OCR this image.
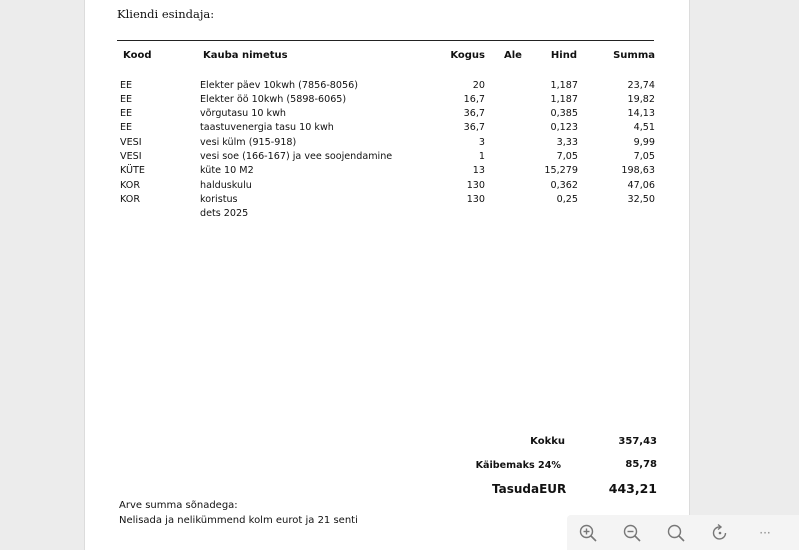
Kliendi esindaja:
Kood	Kauba nimetus	Kogus Ale	Hind	Summa
EE	Elekter päev 10kwh (7856-8056)	20	1,187	23,74
EE	Elekter öö 10kwh (5898-6065)	16,7	1,187	19,82
EE	võrgutasu 10 kwh	36,7	0,385	14,13
EE	taastuvenergia tasu 10 kwh	36,7	0,123	4,51
VESI	vesi külm (915-918)	3	3,33	9,99
VESI	vesi soe (166-167) ja vee soojendamine	1	7,05	7,05
KÜTE	küte 10 M2	13	15,279	198,63
KOR	halduskulu	130	0,362	47,06
KOR	koristus	130	0,25	32,50
dets 2025
Kokku	357,43
Käibemaks 24%	85,78
TasudaEUR	443,21
Arve summa sõnadega:
Nelisada ja nelikümmend kolm eurot ja 21 senti
···
